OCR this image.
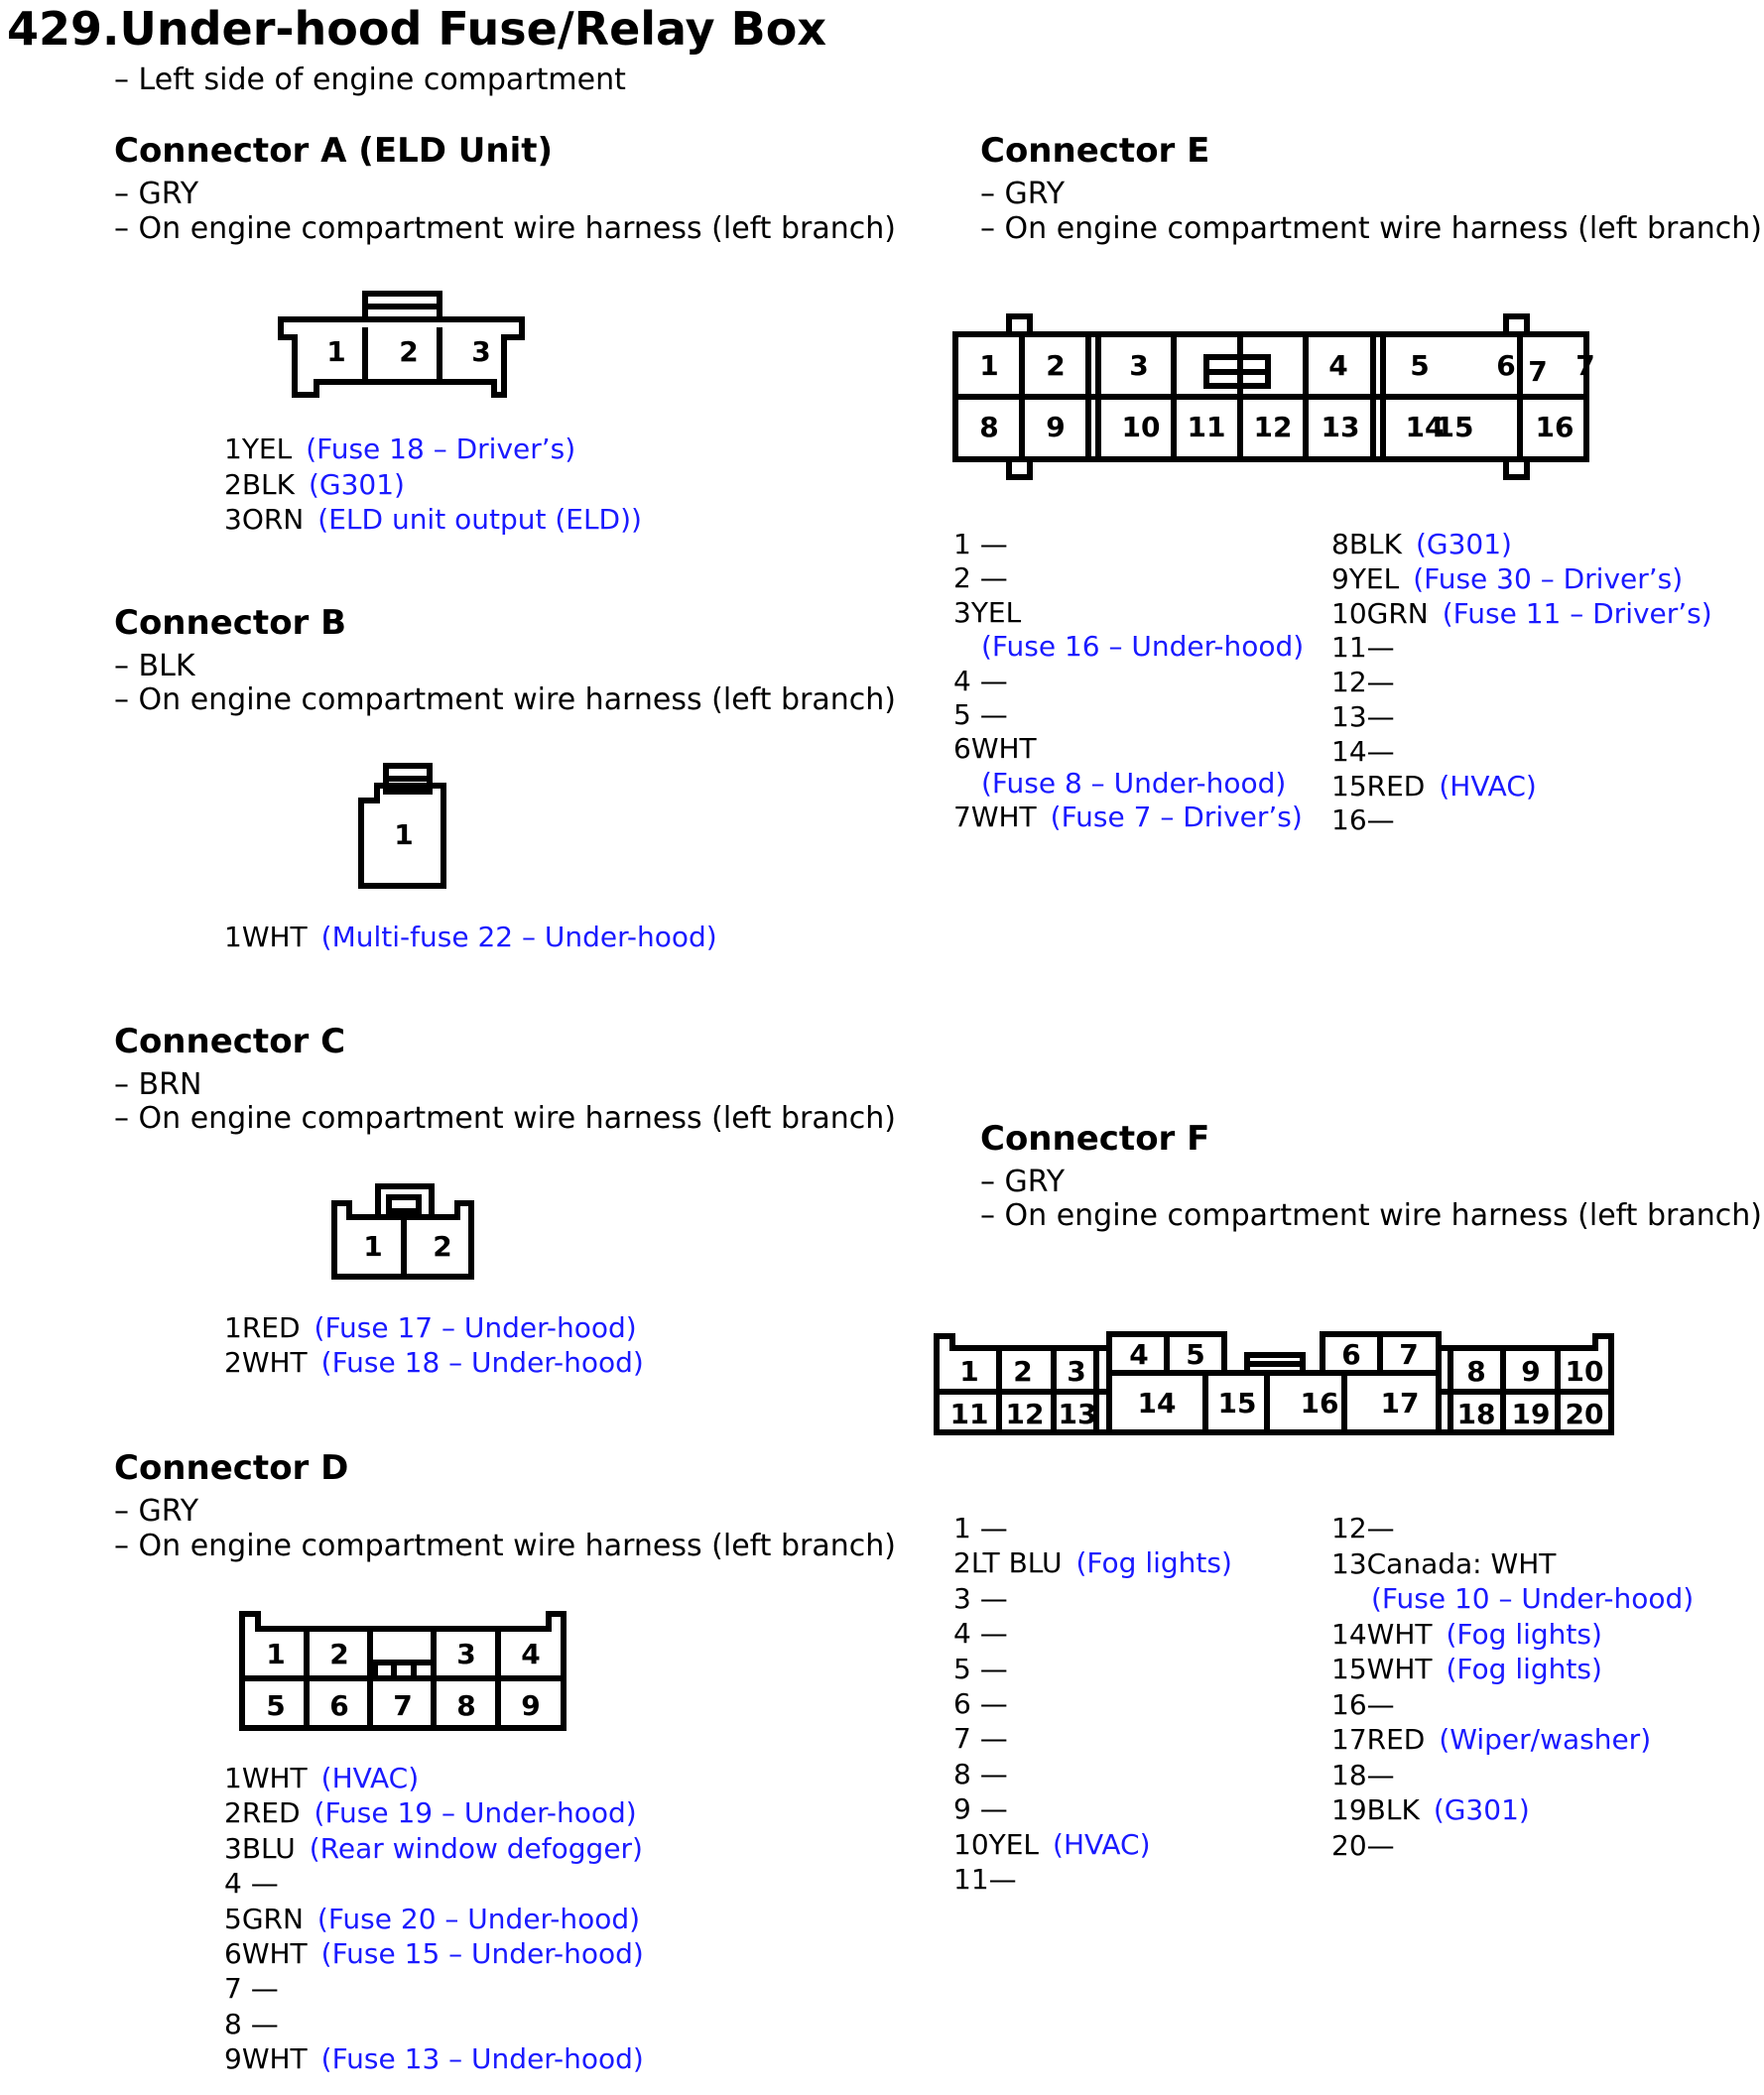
429.Under-hood Fuse/Relay Box
– Left side of engine compartment
Connector A (ELD Unit)
– GRY
– On engine compartment wire harness (left branch)
Connector B
– BLK
– On engine compartment wire harness (left branch)
Connector C
– BRN
– On engine compartment wire harness (left branch)
Connector D
– GRY
– On engine compartment wire harness (left branch)
Connector E
– GRY
– On engine compartment wire harness (left branch)
Connector F
– GRY
– On engine compartment wire harness (left branch)
1 2 3
1
1 2
1 2	3 4
5 6 7 8 9
1 2 3	4 5 6 7 7
8 9 10 11 12 13 14
15 16
1 2 3
4 5	6 7
8 9 10
11 12 13 14 15 16 17 18 19 20
1YEL (Fuse 18 – Driver’s)
2BLK (G301)
3ORN (ELD unit output (ELD))
1WHT (Multi-fuse 22 – Under-hood)
1RED (Fuse 17 – Under-hood)
2WHT (Fuse 18 – Under-hood)
1WHT (HVAC)
2RED (Fuse 19 – Under-hood)
3BLU (Rear window defogger)
4 —
5GRN (Fuse 20 – Under-hood)
6WHT (Fuse 15 – Under-hood)
7 —
8 —
9WHT (Fuse 13 – Under-hood)
1 —
2 —
3YEL
(Fuse 16 – Under-hood)
4 —
5 —
6WHT
(Fuse 8 – Under-hood)
7WHT (Fuse 7 – Driver’s)
8BLK (G301)
9YEL (Fuse 30 – Driver’s)
10GRN (Fuse 11 – Driver’s)
11—
12—
13—
14—
15RED (HVAC)
16—
1 —
2LT BLU (Fog lights)
3 —
4 —
5 —
6 —
7 —
8 —
9 —
10YEL (HVAC)
11—
12—
13Canada: WHT
(Fuse 10 – Under-hood)
14WHT (Fog lights)
15WHT (Fog lights)
16—
17RED (Wiper/washer)
18—
19BLK (G301)
20—
